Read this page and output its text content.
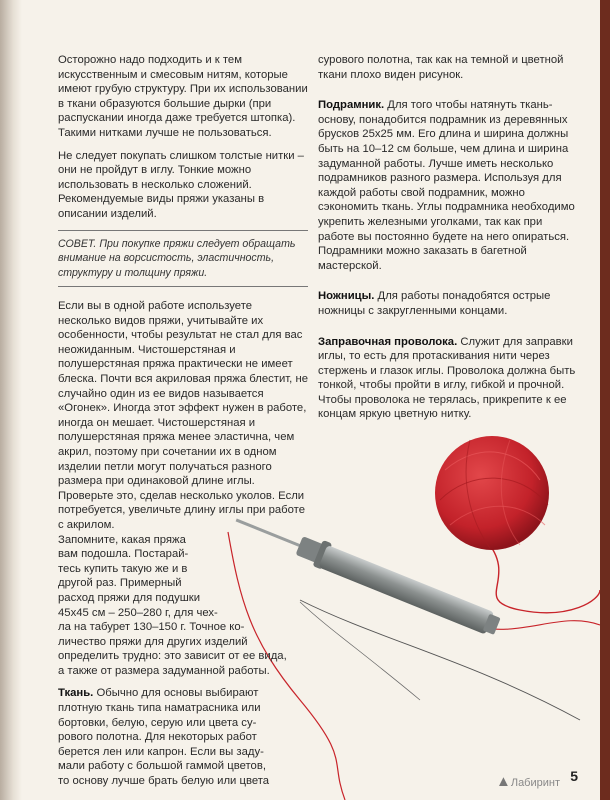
Осторожно надо подходить и к тем искусственным и смесовым нитям, которые имеют грубую структуру. При их использовании в ткани образуются большие дырки (при распускании иногда даже требуется штопка). Такими нитками лучше не пользоваться.

Не следует покупать слишком толстые нитки – они не пройдут в иглу. Тонкие можно использовать в несколько сложений. Рекомендуемые виды пряжи указаны в описании изделий.

СОВЕТ. При покупке пряжи следует обращать внимание на ворсистость, эластичность, структуру и толщину пряжи.

Если вы в одной работе используете несколько видов пряжи, учитывайте их особенности, чтобы результат не стал для вас неожиданным. Чистошерстяная и полушерстяная пряжа практически не имеет блеска. Почти вся акриловая пряжа блестит, не случайно один из ее видов называется «Огонек». Иногда этот эффект нужен в работе, иногда он мешает. Чистошерстяная и полушерстяная пряжа менее эластична, чем акрил, поэтому при сочетании их в одном изделии петли могут получаться разного размера при одинаковой длине иглы. Проверьте это, сделав несколько уколов. Если потребуется, увеличьте длину иглы при работе с акрилом.

Запомните, какая пряжа
вам подошла. Постарай-
тесь купить такую же и в
другой раз. Примерный
расход пряжи для подушки
45х45 см – 250–280 г, для чех-
ла на табурет 130–150 г. Точное ко-
личество пряжи для других изделий
определить трудно: это зависит от ее вида,
а также от размера задуманной работы.
Ткань. Обычно для основы выбирают
плотную ткань типа наматрасника или
бортовки, белую, серую или цвета су-
рового полотна. Для некоторых работ
берется лен или капрон. Если вы заду-
мали работу с большой гаммой цветов,
то основу лучше брать белую или цвета

сурового полотна, так как на темной и цветной ткани плохо виден рисунок.

Подрамник. Для того чтобы натянуть ткань-основу, понадобится подрамник из деревянных брусков 25х25 мм. Его длина и ширина должны быть на 10–12 см больше, чем длина и ширина задуманной работы. Лучше иметь несколько подрамников разного размера. Используя для каждой работы свой подрамник, можно сэкономить ткань. Углы подрамника необходимо укрепить железными уголками, так как при работе вы постоянно будете на него опираться. Подрамники можно заказать в багетной мастерской.

Ножницы. Для работы понадобятся острые ножницы с закругленными концами.

Заправочная проволока. Служит для заправки иглы, то есть для протаскивания нити через стержень и глазок иглы. Проволока должна быть тонкой, чтобы пройти в иглу, гибкой и прочной. Чтобы проволока не терялась, прикрепите к ее концам яркую цветную нитку.

▲Лабиринт 5
